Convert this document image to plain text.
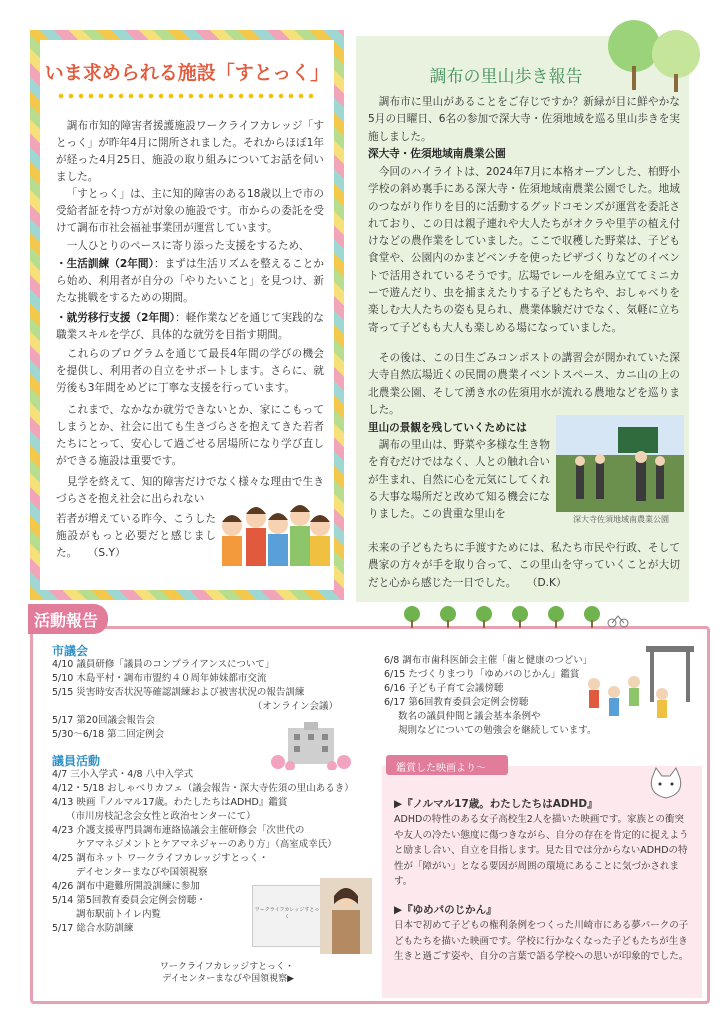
いま求められる施設「すとっく」
 調布市知的障害者援護施設ワークライフカレッジ「すとっく」が昨年4月に開所されました。それからほぼ1年が経った4月25日、施設の取り組みについてお話を伺いました。
 「すとっく」は、主に知的障害のある18歳以上で市の受給者証を持つ方が対象の施設です。市からの委託を受けて調布市社会福祉事業団が運営しています。
 一人ひとりのペースに寄り添った支援をするため、
・生活訓練（2年間）：まずは生活リズムを整えることから始め、利用者が自分の「やりたいこと」を見つけ、新たな挑戦をするための期間。
・就労移行支援（2年間）：軽作業などを通じて実践的な職業スキルを学び、具体的な就労を目指す期間。
 これらのプログラムを通じて最長4年間の学びの機会を提供し、利用者の自立をサポートします。さらに、就労後も3年間をめどに丁寧な支援を行っています。
 これまで、なかなか就労できないとか、家にこもってしまうとか、社会に出ても生きづらさを抱えてきた若者たちにとって、安心して過ごせる居場所になり学び直しができる施設は重要です。
 見学を終えて、知的障害だけでなく様々な理由で生きづらさを抱え社会に出られない
若者が増えている昨今、こうした施設がもっと必要だと感じました。  （S.Y）
調布の里山歩き報告
 調布市に里山があることをご存じですか？新緑が目に鮮やかな5月の日曜日、6名の参加で深大寺・佐須地域を巡る里山歩きを実施しました。
深大寺・佐須地域南農業公園
 今回のハイライトは、2024年7月に本格オープンした、柏野小学校の斜め裏手にある深大寺・佐須地域南農業公園でした。地域のつながり作りを目的に活動するグッドコモンズが運営を委託されており、この日は親子連れや大人たちがオクラや里芋の植え付けなどの農作業をしていました。ここで収穫した野菜は、子ども食堂や、公園内のかまどベンチを使ったピザづくりなどのイベントで活用されているそうです。広場でレールを組み立ててミニカーで遊んだり、虫を捕まえたりする子どもたちや、おしゃべりを楽しむ大人たちの姿も見られ、農業体験だけでなく、気軽に立ち寄って子どもも大人も楽しめる場になっていました。
 その後は、この日生ごみコンポストの講習会が開かれていた深大寺自然広場近くの民間の農業イベントスペース、カニ山の上の北農業公園、そして湧き水の佐須用水が流れる農地などを巡りました。
里山の景観を残していくためには
 調布の里山は、野菜や多様な生き物を育むだけではなく、人との触れ合いが生まれ、自然に心を元気にしてくれる大事な場所だと改めて知る機会になりました。この貴重な里山を
未来の子どもたちに手渡すためには、私たち市民や行政、そして農家の方々が手を取り合って、この里山を守っていくことが大切だと心から感じた一日でした。  （D.K）
深大寺佐須地域南農業公園
活動報告
市議会
4/10 議員研修「議員のコンプライアンスについて」
5/10 木島平村・調布市盟約４０周年姉妹都市交流
5/15 災害時安否状況等確認訓練および被害状況の報告訓練
（オンライン会議）
5/17 第20回議会報告会
5/30〜6/18 第二回定例会
議員活動
4/7 三小入学式・4/8 八中入学式
4/12・5/18 おしゃべりカフェ（議会報告・深大寺佐須の里山あるき）
4/13 映画『ノルマル17歳。わたしたちはADHD』鑑賞
（市川房枝記念会女性と政治センターにて）
4/23 介護支援専門員調布連絡協議会主催研修会「次世代の
ケアマネジメントとケアマネジャーのあり方」（高室成幸氏）
4/25 調布ネット ワークライフカレッジすとっく・
デイセンターまなびや国領視察
4/26 調布中避難所開設訓練に参加
5/14 第5回教育委員会定例会傍聴・
調布駅前トイレ内覧
5/17 総合水防訓練
ワークライフカレッジすとっく
ワークライフカレッジすとっく・
デイセンターまなびや国領視察▶
6/8 調布市歯科医師会主催「歯と健康のつどい」
6/15 たづくりまつり「ゆめパのじかん」鑑賞
6/16 子ども子育て会議傍聴
6/17 第6回教育委員会定例会傍聴
数名の議員仲間と議会基本条例や
規則などについての勉強会を継続しています。
鑑賞した映画より〜
▶『ノルマル17歳。わたしたちはADHD』
ADHDの特性のある女子高校生2人を描いた映画です。家族との衝突や友人の冷たい態度に傷つきながら、自分の存在を肯定的に捉えようと励まし合い、自立を目指します。見た目では分からないADHDの特性が「障がい」となる要因が周囲の環境にあることに気づかされます。
▶『ゆめパのじかん』
日本で初めて子どもの権利条例をつくった川崎市にある夢パークの子どもたちを描いた映画です。学校に行かなくなった子どもたちが生き生きと過ごす姿や、自分の言葉で語る学校への思いが印象的でした。
